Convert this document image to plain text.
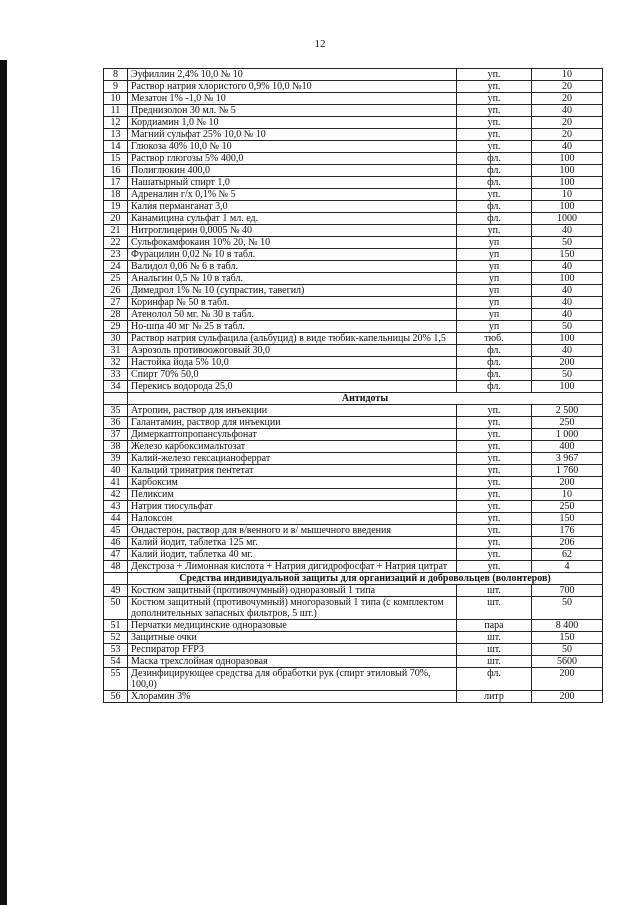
12
8	Эуфиллин 2,4% 10,0 № 10	уп.	10
9	Раствор натрия хлористого 0,9% 10,0 №10	уп.	20
10	Мезатон 1% -1,0 № 10	уп.	20
11	Преднизолон 30 мл. № 5	уп.	40
12	Кордиамин 1,0 № 10	уп.	20
13	Магний сульфат 25% 10,0 № 10	уп.	20
14	Глюкоза 40% 10,0 № 10	уп.	40
15	Раствор глюгозы 5% 400,0	фл.	100
16	Полиглюкин 400,0	фл.	100
17	Нашатырный спирт 1,0	фл.	100
18	Адреналин г/х 0,1% № 5	уп.	10
19	Калия перманганат 3,0	фл.	100
20	Канамицина сульфат 1 мл. ед.	фл.	1000
21	Нитроглицерин 0,0005 № 40	уп.	40
22	Сульфокамфокаин 10% 20, № 10	уп	50
23	Фурацилин 0,02 № 10 в табл.	уп	150
24	Валидол 0,06 № 6 в табл.	уп	40
25	Анальгин 0,5 № 10 в табл.	уп	100
26	Димедрол 1% № 10 (супрастин, тавегил)	уп	40
27	Коринфар № 50 в табл.	уп	40
28	Атенолол 50 мг. № 30 в табл.	уп	40
29	Но-шпа 40 мг № 25 в табл.	уп	50
30	Раствор натрия сульфацила (альбуцид) в виде тюбик-капельницы 20% 1,5	тюб.	100
31	Аэрозоль противоожоговый 30,0	фл.	40
32	Настойка йода 5% 10,0	фл.	200
33	Спирт 70% 50,0	фл.	50
34	Перекись водорода 25,0	фл.	100
	Антидоты		
35	Атропин, раствор для инъекции	уп.	2 500
36	Галантамин, раствор для инъекции	уп.	250
37	Димеркаптопропансульфонат	уп.	1 000
38	Железо карбоксимальтозат	уп.	400
39	Калий-железо гексацианоферрат	уп.	3 967
40	Кальций тринатрия пентетат	уп.	1 760
41	Карбоксим	уп.	200
42	Пеликсим	уп.	10
43	Натрия тиосульфат	уп.	250
44	Налоксон	уп.	150
45	Ондастерон, раствор для в/венного и в/ мышечного введения	уп.	176
46	Калий йодит, таблетка 125 мг.	уп.	206
47	Калий йодит, таблетка 40 мг.	уп.	62
48	Декстроза + Лимонная кислота + Натрия дигидрофосфат + Натрия цитрат	уп.	4
	Средства индивидуальной защиты для организаций и добровольцев (волонтеров)		
49	Костюм защитный (противочумный) одноразовый 1 типа	шт.	700
50	Костюм защитный (противочумный) многоразовый 1 типа (с комплектом дополнительных запасных фильтров, 5 шт.)	шт.	50
51	Перчатки медицинские одноразовые	пара	8 400
52	Защитные очки	шт.	150
53	Респиратор FFP3	шт.	50
54	Маска трехслойная одноразовая	шт.	5600
55	Дезинфицирующее средства для обработки рук (спирт этиловый 70%, 100,0)	фл.	200
56	Хлорамин 3%	литр	200
